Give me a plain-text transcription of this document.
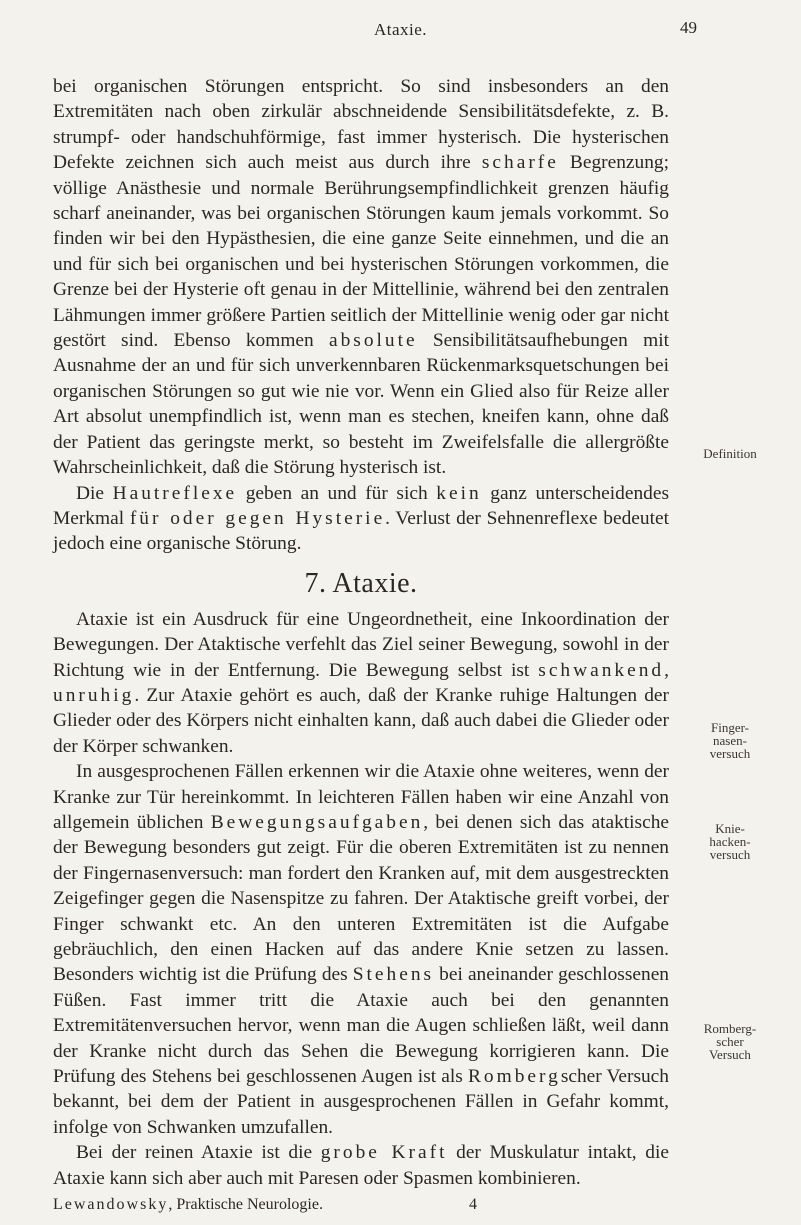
Ataxie.	49

bei organischen Störungen entspricht. So sind insbesonders an den Extremitäten nach oben zirkulär abschneidende Sensibilitätsdefekte, z. B. strumpf- oder handschuhförmige, fast immer hysterisch. Die hysterischen Defekte zeichnen sich auch meist aus durch ihre scharfe Begrenzung; völlige Anästhesie und normale Berührungsempfindlichkeit grenzen häufig scharf aneinander, was bei organischen Störungen kaum jemals vorkommt. So finden wir bei den Hypästhesien, die eine ganze Seite einnehmen, und die an und für sich bei organischen und bei hysterischen Störungen vorkommen, die Grenze bei der Hysterie oft genau in der Mittellinie, während bei den zentralen Lähmungen immer größere Partien seitlich der Mittellinie wenig oder gar nicht gestört sind. Ebenso kommen absolute Sensibilitätsaufhebungen mit Ausnahme der an und für sich unverkennbaren Rückenmarksquetschungen bei organischen Störungen so gut wie nie vor. Wenn ein Glied also für Reize aller Art absolut unempfindlich ist, wenn man es stechen, kneifen kann, ohne daß der Patient das geringste merkt, so besteht im Zweifelsfalle die allergrößte Wahrscheinlichkeit, daß die Störung hysterisch ist.

Die Hautreflexe geben an und für sich kein ganz unterscheidendes Merkmal für oder gegen Hysterie. Verlust der Sehnenreflexe bedeutet jedoch eine organische Störung.

7. Ataxie.

Ataxie ist ein Ausdruck für eine Ungeordnetheit, eine Inkoordination der Bewegungen. Der Ataktische verfehlt das Ziel seiner Bewegung, sowohl in der Richtung wie in der Entfernung. Die Bewegung selbst ist schwankend, unruhig. Zur Ataxie gehört es auch, daß der Kranke ruhige Haltungen der Glieder oder des Körpers nicht einhalten kann, daß auch dabei die Glieder oder der Körper schwanken.

In ausgesprochenen Fällen erkennen wir die Ataxie ohne weiteres, wenn der Kranke zur Tür hereinkommt. In leichteren Fällen haben wir eine Anzahl von allgemein üblichen Bewegungsaufgaben, bei denen sich das ataktische der Bewegung besonders gut zeigt. Für die oberen Extremitäten ist zu nennen der Fingernasenversuch: man fordert den Kranken auf, mit dem ausgestreckten Zeigefinger gegen die Nasenspitze zu fahren. Der Ataktische greift vorbei, der Finger schwankt etc. An den unteren Extremitäten ist die Aufgabe gebräuchlich, den einen Hacken auf das andere Knie setzen zu lassen. Besonders wichtig ist die Prüfung des Stehens bei aneinander geschlossenen Füßen. Fast immer tritt die Ataxie auch bei den genannten Extremitätenversuchen hervor, wenn man die Augen schließen läßt, weil dann der Kranke nicht durch das Sehen die Bewegung korrigieren kann. Die Prüfung des Stehens bei geschlossenen Augen ist als Rombergscher Versuch bekannt, bei dem der Patient in ausgesprochenen Fällen in Gefahr kommt, infolge von Schwanken umzufallen.

Bei der reinen Ataxie ist die grobe Kraft der Muskulatur intakt, die Ataxie kann sich aber auch mit Paresen oder Spasmen kombinieren.

Definition
Finger-
nasen-
versuch
Knie-
hacken-
versuch
Romberg-
scher
Versuch
Lewandowsky, Praktische Neurologie.	4
